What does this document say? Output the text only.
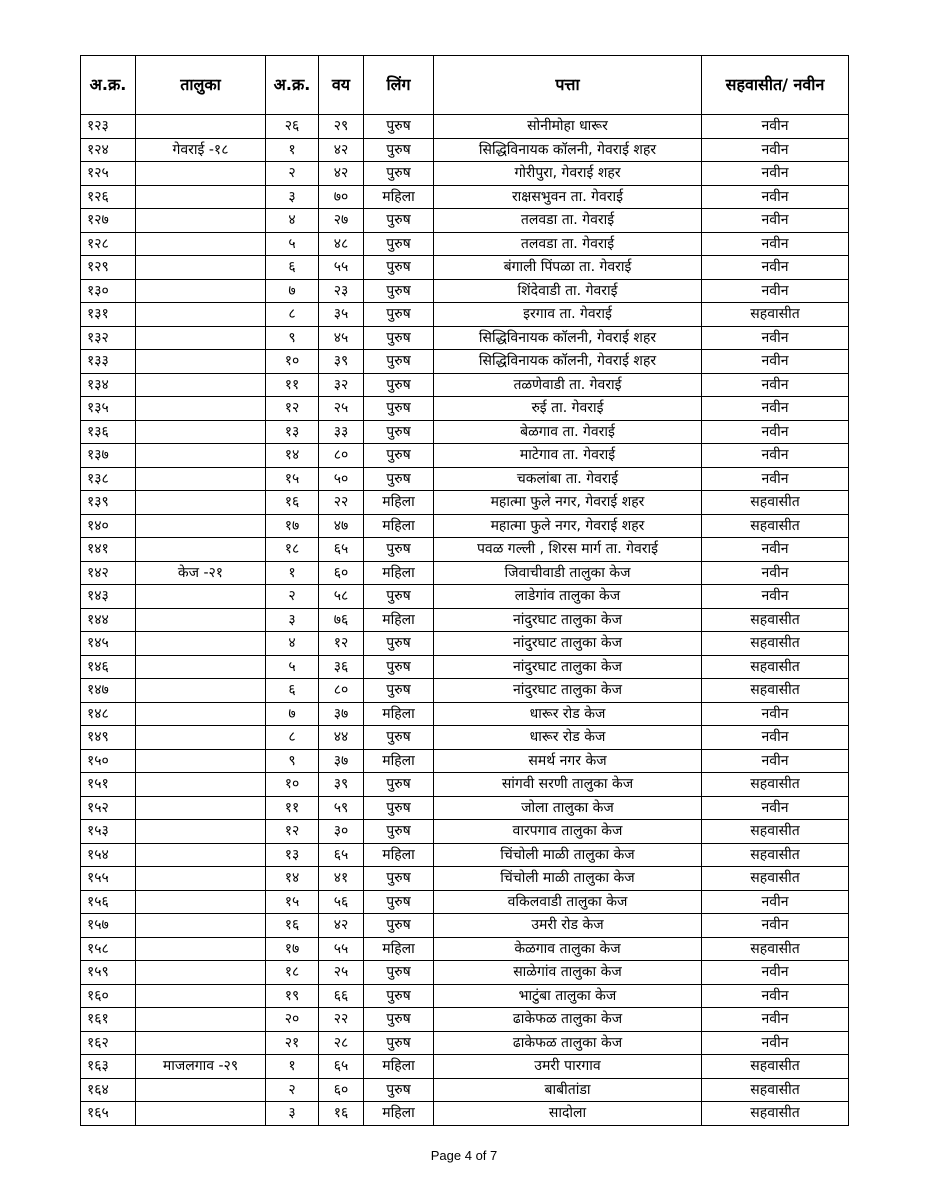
अ.क्र.	तालुका	अ.क्र.	वय	लिंग	पत्ता	सहवासीत/ नवीन
१२३		२६	२९	पुरुष	सोनीमोहा धारूर	नवीन
१२४	गेवराई -१८	१	४२	पुरुष	सिद्धिविनायक कॉलनी, गेवराई शहर	नवीन
१२५		२	४२	पुरुष	गोरीपुरा, गेवराई शहर	नवीन
१२६		३	७०	महिला	राक्षसभुवन ता. गेवराई	नवीन
१२७		४	२७	पुरुष	तलवडा ता. गेवराई	नवीन
१२८		५	४८	पुरुष	तलवडा ता. गेवराई	नवीन
१२९		६	५५	पुरुष	बंगाली पिंपळा ता. गेवराई	नवीन
१३०		७	२३	पुरुष	शिंदेवाडी ता. गेवराई	नवीन
१३१		८	३५	पुरुष	इरगाव ता. गेवराई	सहवासीत
१३२		९	४५	पुरुष	सिद्धिविनायक कॉलनी, गेवराई शहर	नवीन
१३३		१०	३९	पुरुष	सिद्धिविनायक कॉलनी, गेवराई शहर	नवीन
१३४		११	३२	पुरुष	तळणेवाडी ता. गेवराई	नवीन
१३५		१२	२५	पुरुष	रुई ता. गेवराई	नवीन
१३६		१३	३३	पुरुष	बेळगाव ता. गेवराई	नवीन
१३७		१४	८०	पुरुष	माटेगाव ता. गेवराई	नवीन
१३८		१५	५०	पुरुष	चकलांबा ता. गेवराई	नवीन
१३९		१६	२२	महिला	महात्मा फुले नगर, गेवराई शहर	सहवासीत
१४०		१७	४७	महिला	महात्मा फुले नगर, गेवराई शहर	सहवासीत
१४१		१८	६५	पुरुष	पवळ गल्ली , शिरस मार्ग ता. गेवराई	नवीन
१४२	केज -२१	१	६०	महिला	जिवाचीवाडी तालुका केज	नवीन
१४३		२	५८	पुरुष	लाडेगांव तालुका केज	नवीन
१४४		३	७६	महिला	नांदुरघाट तालुका केज	सहवासीत
१४५		४	१२	पुरुष	नांदुरघाट तालुका केज	सहवासीत
१४६		५	३६	पुरुष	नांदुरघाट तालुका केज	सहवासीत
१४७		६	८०	पुरुष	नांदुरघाट तालुका केज	सहवासीत
१४८		७	३७	महिला	धारूर रोड केज	नवीन
१४९		८	४४	पुरुष	धारूर रोड केज	नवीन
१५०		९	३७	महिला	समर्थ नगर केज	नवीन
१५१		१०	३९	पुरुष	सांगवी सरणी तालुका केज	सहवासीत
१५२		११	५९	पुरुष	जोला तालुका केज	नवीन
१५३		१२	३०	पुरुष	वारपगाव तालुका केज	सहवासीत
१५४		१३	६५	महिला	चिंचोली माळी तालुका केज	सहवासीत
१५५		१४	४१	पुरुष	चिंचोली माळी तालुका केज	सहवासीत
१५६		१५	५६	पुरुष	वकिलवाडी तालुका केज	नवीन
१५७		१६	४२	पुरुष	उमरी रोड केज	नवीन
१५८		१७	५५	महिला	केळगाव तालुका केज	सहवासीत
१५९		१८	२५	पुरुष	साळेगांव तालुका केज	नवीन
१६०		१९	६६	पुरुष	भाटुंबा तालुका केज	नवीन
१६१		२०	२२	पुरुष	ढाकेफळ तालुका केज	नवीन
१६२		२१	२८	पुरुष	ढाकेफळ तालुका केज	नवीन
१६३	माजलगाव -२९	१	६५	महिला	उमरी पारगाव	सहवासीत
१६४		२	६०	पुरुष	बाबीतांडा	सहवासीत
१६५		३	१६	महिला	सादोला	सहवासीत
Page 4 of 7
